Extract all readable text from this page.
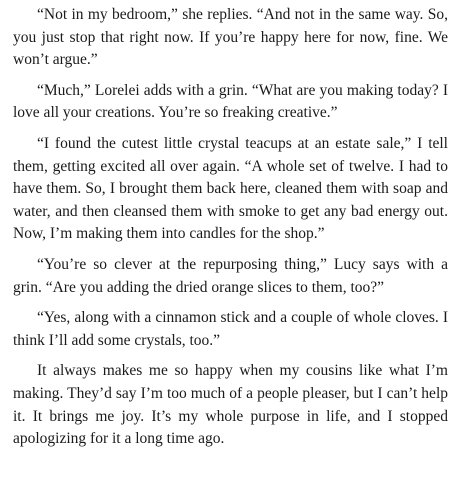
“Not in my bedroom,” she replies. “And not in the same way. So, you just stop that right now. If you’re happy here for now, fine. We won’t argue.”

“Much,” Lorelei adds with a grin. “What are you making today? I love all your creations. You’re so freaking creative.”

“I found the cutest little crystal teacups at an estate sale,” I tell them, getting excited all over again. “A whole set of twelve. I had to have them. So, I brought them back here, cleaned them with soap and water, and then cleansed them with smoke to get any bad energy out. Now, I’m making them into candles for the shop.”

“You’re so clever at the repurposing thing,” Lucy says with a grin. “Are you adding the dried orange slices to them, too?”

“Yes, along with a cinnamon stick and a couple of whole cloves. I think I’ll add some crystals, too.”

It always makes me so happy when my cousins like what I’m making. They’d say I’m too much of a people pleaser, but I can’t help it. It brings me joy. It’s my whole purpose in life, and I stopped apologizing for it a long time ago.
